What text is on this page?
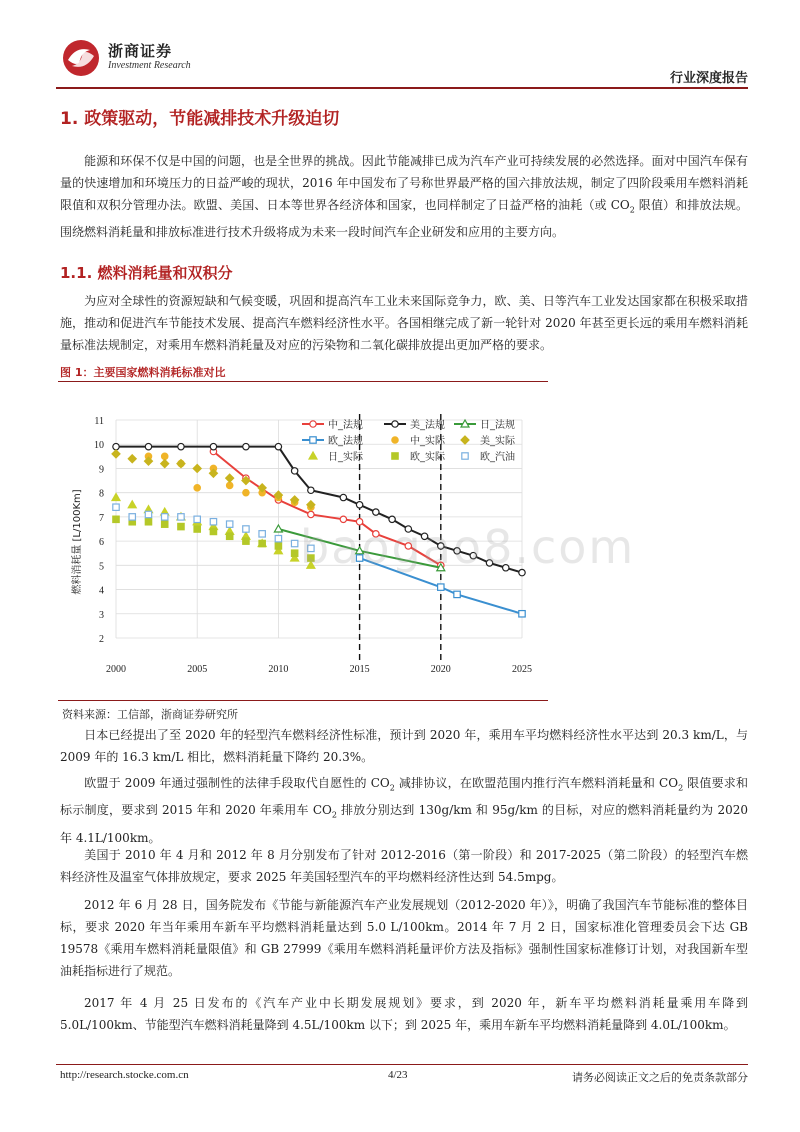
浙商证券
Investment Research
行业深度报告
1. 政策驱动，节能减排技术升级迫切
能源和环保不仅是中国的问题，也是全世界的挑战。因此节能减排已成为汽车产业可持续发展的必然选择。面对中国汽车保有量的快速增加和环境压力的日益严峻的现状，2016 年中国发布了号称世界最严格的国六排放法规，制定了四阶段乘用车燃料消耗限值和双积分管理办法。欧盟、美国、日本等世界各经济体和国家，也同样制定了日益严格的油耗（或 $CO_2$ 限值）和排放法规。围绕燃料消耗量和排放标准进行技术升级将成为未来一段时间汽车企业研发和应用的主要方向。
1.1. 燃料消耗量和双积分
为应对全球性的资源短缺和气候变暖，巩固和提高汽车工业未来国际竞争力，欧、美、日等汽车工业发达国家都在积极采取措施，推动和促进汽车节能技术发展、提高汽车燃料经济性水平。各国相继完成了新一轮针对 2020 年甚至更长远的乘用车燃料消耗量标准法规制定，对乘用车燃料消耗量及对应的污染物和二氧化碳排放提出更加严格的要求。
图 1：主要国家燃料消耗标准对比
2
3
4
5
6
7
8
9
10
11
2000	2005	2010	2015	2020	2025
中_法规	美_法规	日_法规
欧_法规	中_实际	美_实际
日_实际	欧_实际	欧_汽油
燃料消耗量 [L/100Km]
资料来源：工信部，浙商证券研究所
baogao8.com
日本已经提出了至 2020 年的轻型汽车燃料经济性标准，预计到 2020 年，乘用车平均燃料经济性水平达到 20.3 km/L，与 2009 年的 16.3 km/L 相比，燃料消耗量下降约 20.3%。
欧盟于 2009 年通过强制性的法律手段取代自愿性的 $CO_2$ 减排协议，在欧盟范围内推行汽车燃料消耗量和 $CO_2$ 限值要求和标示制度，要求到 2015 年和 2020 年乘用车 $CO_2$ 排放分别达到 130g/km 和 95g/km 的目标，对应的燃料消耗量约为 2020 年 4.1L/100km。
美国于 2010 年 4 月和 2012 年 8 月分别发布了针对 2012-2016（第一阶段）和 2017-2025（第二阶段）的轻型汽车燃料经济性及温室气体排放规定，要求 2025 年美国轻型汽车的平均燃料经济性达到 54.5mpg。
2012 年 6 月 28 日，国务院发布《节能与新能源汽车产业发展规划（2012-2020 年）》，明确了我国汽车节能标准的整体目标，要求 2020 年当年乘用车新车平均燃料消耗量达到 5.0 L/100km。2014 年 7 月 2 日，国家标准化管理委员会下达 GB 19578《乘用车燃料消耗量限值》和 GB 27999《乘用车燃料消耗量评价方法及指标》强制性国家标准修订计划，对我国新车型油耗指标进行了规范。
2017 年 4 月 25 日发布的《汽车产业中长期发展规划》要求，到 2020 年，新车平均燃料消耗量乘用车降到 5.0L/100km、节能型汽车燃料消耗量降到 4.5L/100km 以下；到 2025 年，乘用车新车平均燃料消耗量降到 4.0L/100km。
http://research.stocke.com.cn	4/23	请务必阅读正文之后的免责条款部分
